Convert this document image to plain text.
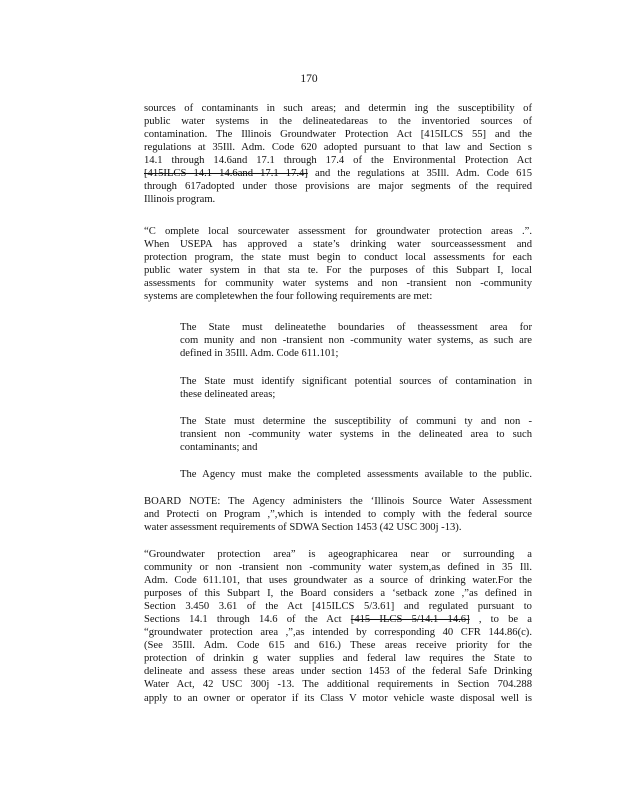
170
sources of contaminants in such areas; and determin ing the susceptibility of
public water systems in the delineatedareas to the inventoried sources of
contamination. The Illinois Groundwater Protection Act [415ILCS 55] and the
regulations at 35Ill. Adm. Code 620 adopted pursuant to that law and Section s
14.1 through 14.6and 17.1 through 17.4 of the Environmental Protection Act
[415ILCS 14.1 14.6and 17.1 17.4] and the regulations at 35Ill. Adm. Code 615
through 617adopted under those provisions are major segments of the required
Illinois program.
“C omplete local sourcewater assessment for groundwater protection areas .”.
When USEPA has approved a state’s drinking water sourceassessment and
protection program, the state must begin to conduct local assessments for each
public water system in that sta te. For the purposes of this Subpart I, local
assessments for community water systems and non -transient non -community
systems are completewhen the four following requirements are met:
The State must delineatethe boundaries of theassessment area for
com munity and non -transient non -community water systems, as such are
defined in 35Ill. Adm. Code 611.101;
The State must identify significant potential sources of contamination in
these delineated areas;
The State must determine the susceptibility of communi ty and non -
transient non -community water systems in the delineated area to such
contaminants; and
The Agency must make the completed assessments available to the public.
BOARD NOTE: The Agency administers the ‘Illinois Source Water Assessment
and Protecti on Program ,”,which is intended to comply with the federal source
water assessment requirements of SDWA Section 1453 (42 USC 300j -13).
“Groundwater protection area” is ageographicarea near or surrounding a
community or non -transient non -community water system,as defined in 35 Ill.
Adm. Code 611.101, that uses groundwater as a source of drinking water.For the
purposes of this Subpart I, the Board considers a ‘setback zone ,”as defined in
Section 3.450 3.61 of the Act [415ILCS 5/3.61] and regulated pursuant to
Sections 14.1 through 14.6 of the Act [415 ILCS 5/14.1 14.6] , to be a
“groundwater protection area ,”,as intended by corresponding 40 CFR 144.86(c).
(See 35Ill. Adm. Code 615 and 616.) These areas receive priority for the
protection of drinkin g water supplies and federal law requires the State to
delineate and assess these areas under section 1453 of the federal Safe Drinking
Water Act, 42 USC 300j -13. The additional requirements in Section 704.288
apply to an owner or operator if its Class V motor vehicle waste disposal well is
